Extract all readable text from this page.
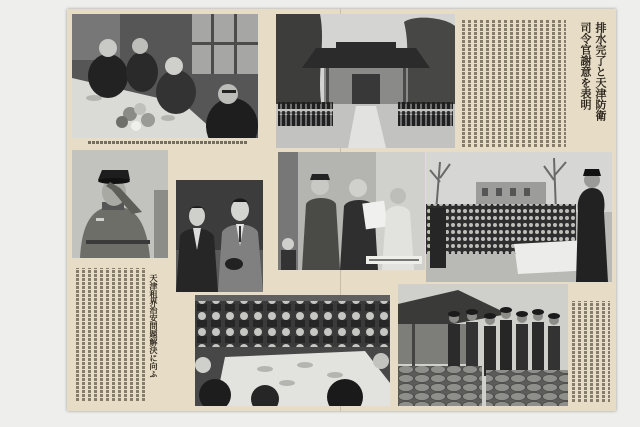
排水完了と天津防衛
司令官謝意を表明
天津租界治安問題解決に向ふ
